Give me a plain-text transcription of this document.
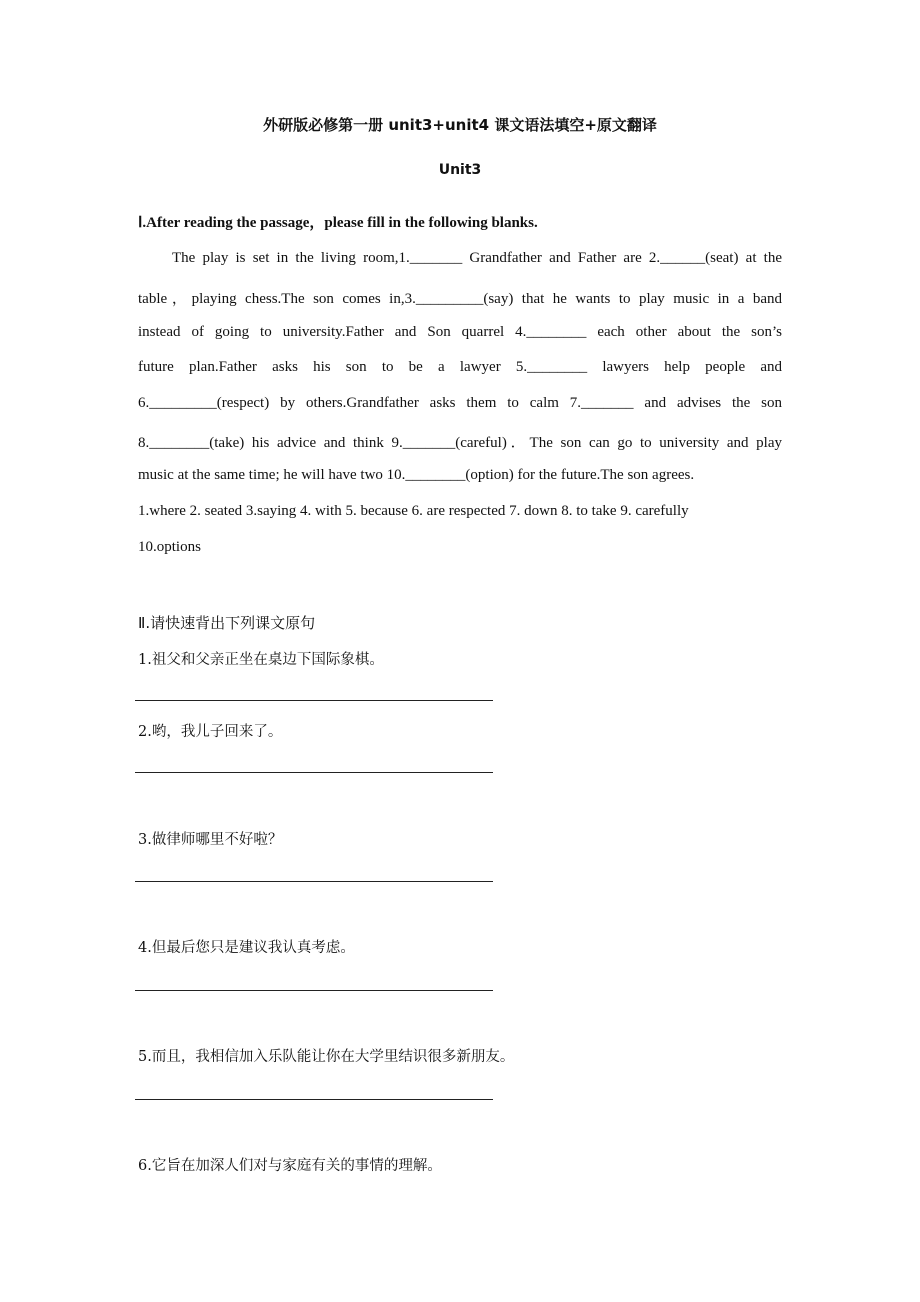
外研版必修第一册 unit3+unit4 课文语法填空+原文翻译
Unit3
Ⅰ.After reading the passage，please fill in the following blanks.
The play is set in the living room,1._______ Grandfather and Father are 2.______(seat) at the
table，playing chess.The son comes in,3._________(say) that he wants to play music in a band
instead of going to university.Father and Son quarrel 4.________ each other about the son’s
future plan.Father asks his son to be a lawyer 5.________ lawyers help people and
6._________(respect) by others.Grandfather asks them to calm 7._______ and advises the son
8.________(take) his advice and think 9._______(careful)．The son can go to university and play
music at the same time; he will have two 10.________(option) for the future.The son agrees.
1.where 2. seated 3.saying 4. with 5. because 6. are respected 7. down 8. to take 9. carefully
10.options
Ⅱ.请快速背出下列课文原句
1.祖父和父亲正坐在桌边下国际象棋。
2.哟，我儿子回来了。
3.做律师哪里不好啦？
4.但最后您只是建议我认真考虑。
5.而且，我相信加入乐队能让你在大学里结识很多新朋友。
6.它旨在加深人们对与家庭有关的事情的理解。
